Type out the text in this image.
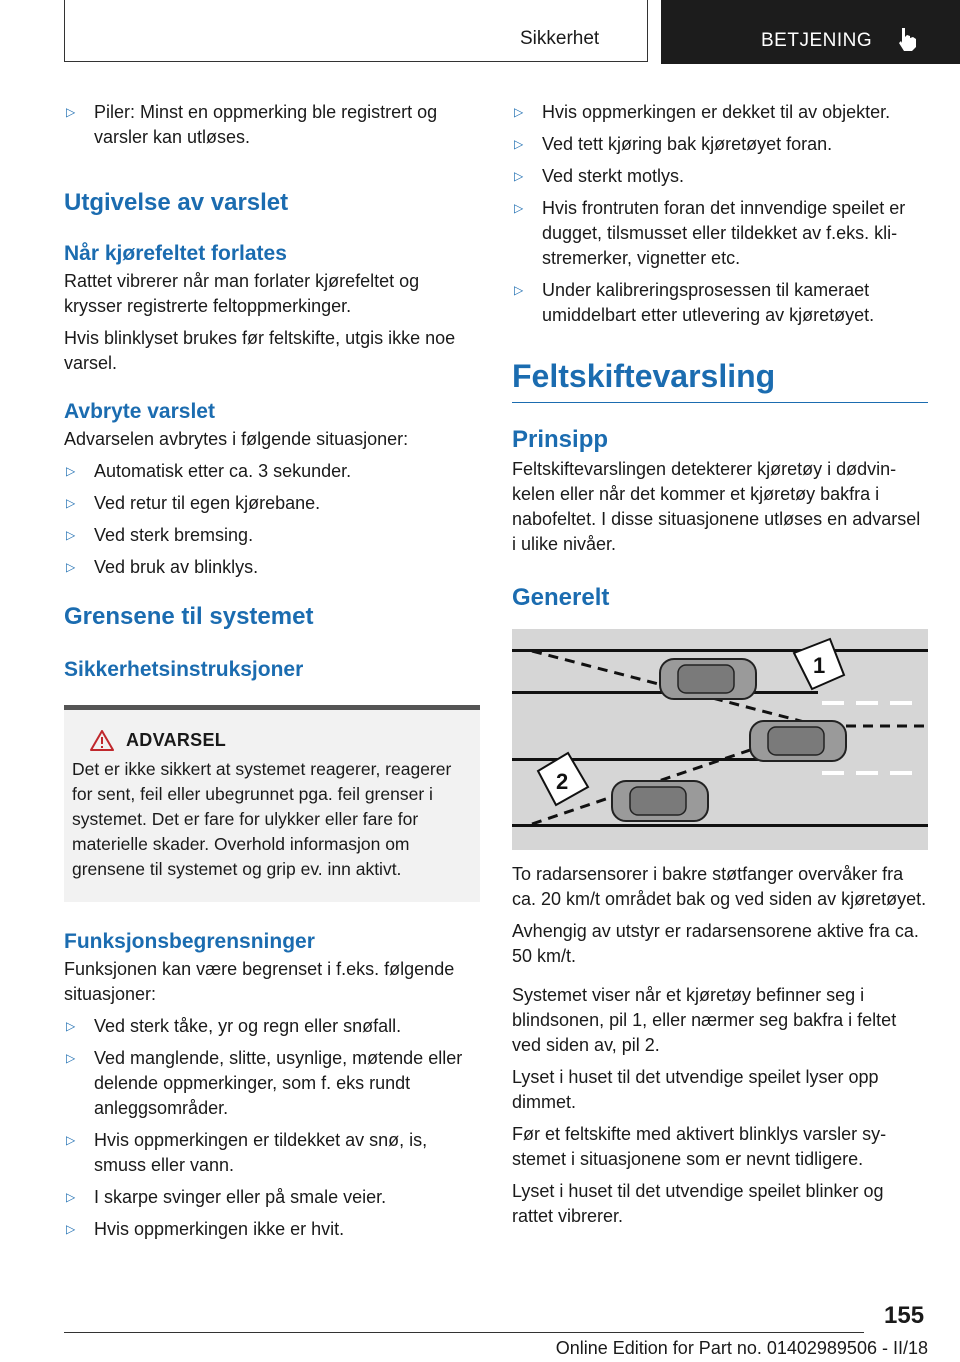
Sikkerhet	BETJENING
▷	Piler: Minst en oppmerking ble registrert og varsler kan utløses.
Utgivelse av varslet
Når kjørefeltet forlates

Rattet vibrerer når man forlater kjørefeltet og krysser registrerte feltoppmerkinger.

Hvis blinklyset brukes før feltskifte, utgis ikke noe varsel.

Avbryte varslet

Advarselen avbrytes i følgende situasjoner:

▷	Automatisk etter ca. 3 sekunder.
▷	Ved retur til egen kjørebane.
▷	Ved sterk bremsing.
▷	Ved bruk av blinklys.
Grensene til systemet
Sikkerhetsinstruksjoner
ADVARSEL

Det er ikke sikkert at systemet reagerer, reagerer for sent, feil eller ubegrunnet pga. feil grenser i systemet. Det er fare for ulykker eller fare for materielle skader. Overhold informasjon om grensene til systemet og grip ev. inn aktivt.

Funksjonsbegrensninger

Funksjonen kan være begrenset i f.eks. følgende situasjoner:

▷	Ved sterk tåke, yr og regn eller snøfall.
▷	Ved manglende, slitte, usynlige, møtende eller delende oppmerkinger, som f. eks rundt anleggsområder.
▷	Hvis oppmerkingen er tildekket av snø, is, smuss eller vann.
▷	I skarpe svinger eller på smale veier.
▷	Hvis oppmerkingen ikke er hvit.
▷	Hvis oppmerkingen er dekket til av objekter.
▷	Ved tett kjøring bak kjøretøyet foran.
▷	Ved sterkt motlys.
▷	Hvis frontruten foran det innvendige speilet er dugget, tilsmusset eller tildekket av f.eks. klistremerker, vignetter etc.
▷	Under kalibreringsprosessen til kameraet umiddelbart etter utlevering av kjøretøyet.
Feltskiftevarsling
Prinsipp

Feltskiftevarslingen detekterer kjøretøy i dødvinkelen eller når det kommer et kjøretøy bakfra i nabofeltet. I disse situasjonene utløses en advarsel i ulike nivåer.

Generelt
1
2

To radarsensorer i bakre støtfanger overvåker fra ca. 20 km/t området bak og ved siden av kjøretøyet.

Avhengig av utstyr er radarsensorene aktive fra ca. 50 km/t.

Systemet viser når et kjøretøy befinner seg i blindsonen, pil 1, eller nærmer seg bakfra i feltet ved siden av, pil 2.

Lyset i huset til det utvendige speilet lyser opp dimmet.

Før et feltskifte med aktivert blinklys varsler systemet i situasjonene som er nevnt tidligere.

Lyset i huset til det utvendige speilet blinker og rattet vibrerer.

155
Online Edition for Part no. 01402989506 - II/18
